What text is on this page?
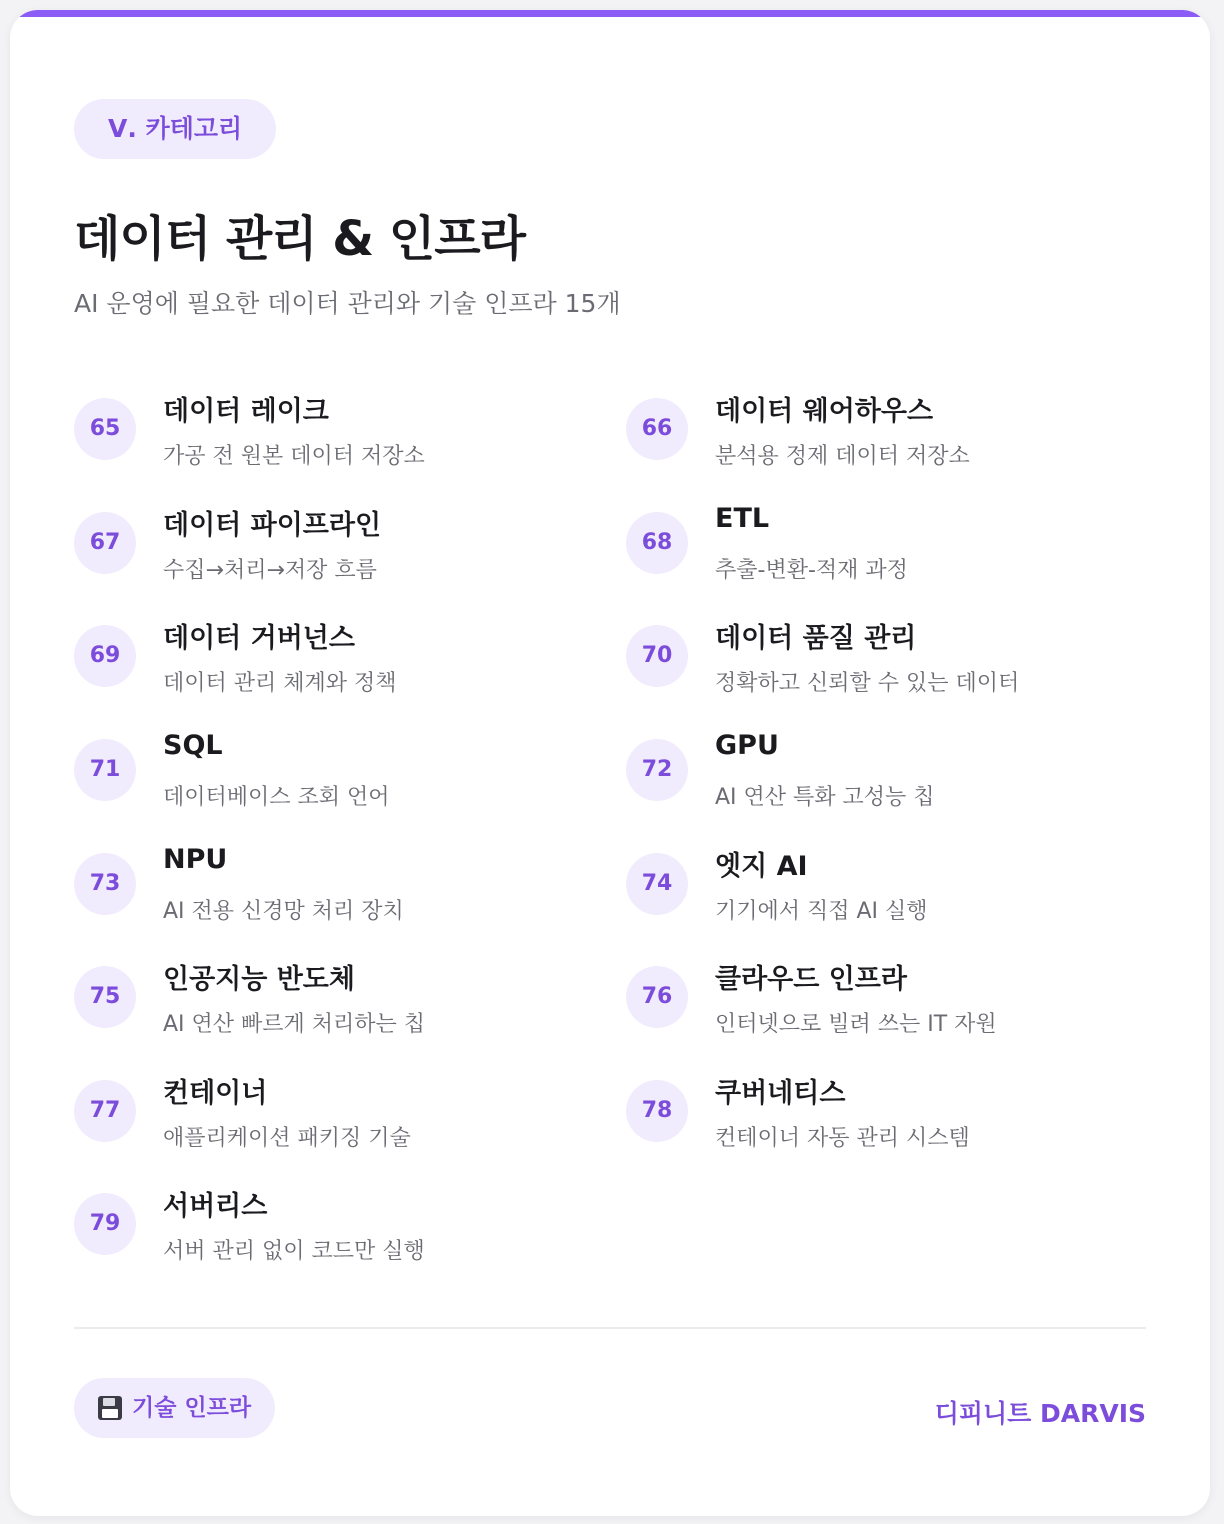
Ⅴ. 카테고리
데이터 관리 & 인프라

AI 운영에 필요한 데이터 관리와 기술 인프라 15개

65
데이터 레이크
가공 전 원본 데이터 저장소
66
데이터 웨어하우스
분석용 정제 데이터 저장소
67
데이터 파이프라인
수집→처리→저장 흐름
68
ETL
추출-변환-적재 과정
69
데이터 거버넌스
데이터 관리 체계와 정책
70
데이터 품질 관리
정확하고 신뢰할 수 있는 데이터
71
SQL
데이터베이스 조회 언어
72
GPU
AI 연산 특화 고성능 칩
73
NPU
AI 전용 신경망 처리 장치
74
엣지 AI
기기에서 직접 AI 실행
75
인공지능 반도체
AI 연산 빠르게 처리하는 칩
76
클라우드 인프라
인터넷으로 빌려 쓰는 IT 자원
77
컨테이너
애플리케이션 패키징 기술
78
쿠버네티스
컨테이너 자동 관리 시스템
79
서버리스
서버 관리 없이 코드만 실행
기술 인프라	디피니트 DARVIS
